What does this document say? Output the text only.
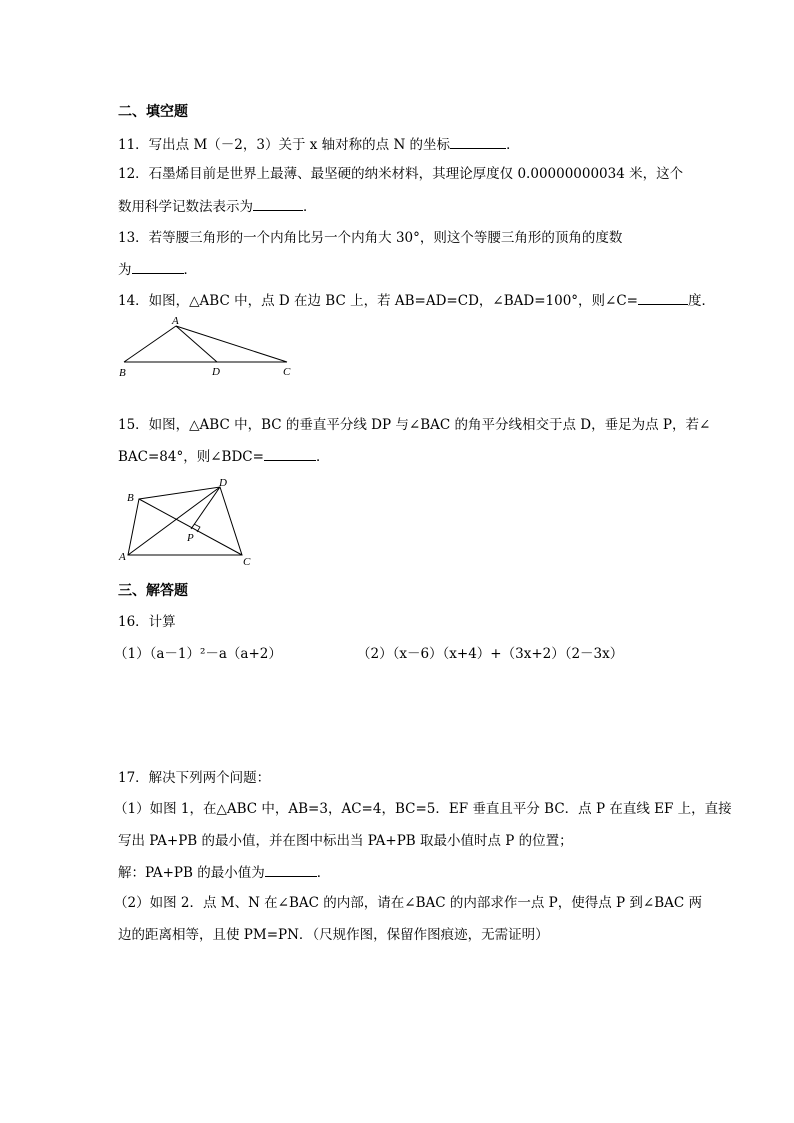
二、填空题
11．写出点 M（－2，3）关于 x 轴对称的点 N 的坐标	．
12．石墨烯目前是世界上最薄、最坚硬的纳米材料，其理论厚度仅 0.00000000034 米，这个
数用科学记数法表示为	．
13．若等腰三角形的一个内角比另一个内角大 30°，则这个等腰三角形的顶角的度数
为	．
14．如图，△ABC 中，点 D 在边 BC 上，若 AB=AD=CD，∠BAD=100°，则∠C=	度．
A
B	D	C
15．如图，△ABC 中，BC 的垂直平分线 DP 与∠BAC 的角平分线相交于点 D，垂足为点 P，若∠
BAC=84°，则∠BDC=	．
D
B
A	C
P
三、解答题
16．计算
（1）（a－1）²－a（a+2）	（2）（x－6）（x+4）+（3x+2）（2－3x）
17．解决下列两个问题：
（1）如图 1，在△ABC 中，AB=3，AC=4，BC=5．EF 垂直且平分 BC．点 P 在直线 EF 上，直接
写出 PA+PB 的最小值，并在图中标出当 PA+PB 取最小值时点 P 的位置；
解：PA+PB 的最小值为	．
（2）如图 2．点 M、N 在∠BAC 的内部，请在∠BAC 的内部求作一点 P，使得点 P 到∠BAC 两
边的距离相等，且使 PM=PN．（尺规作图，保留作图痕迹，无需证明）
